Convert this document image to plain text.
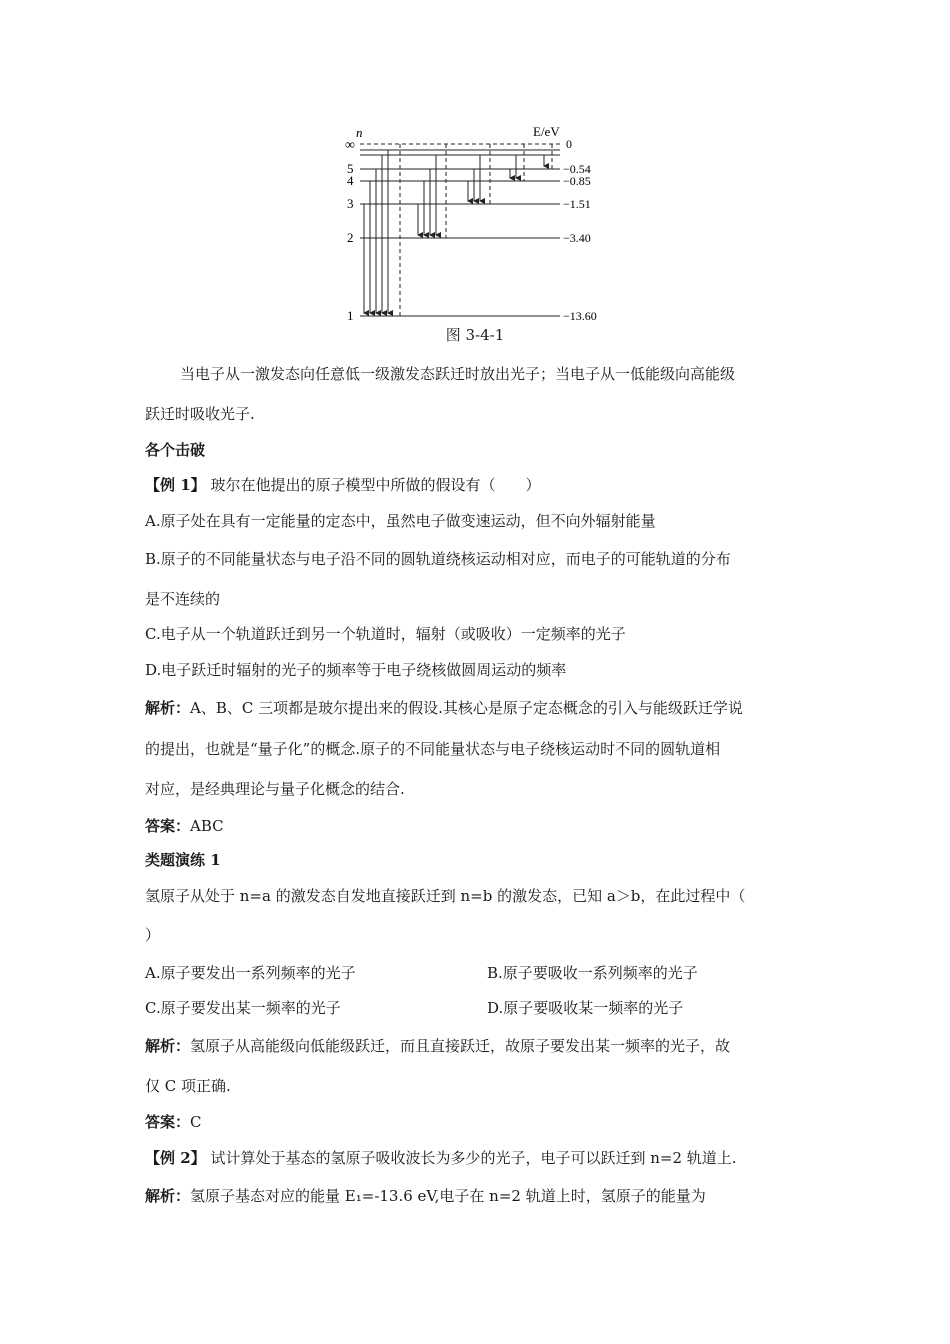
n	E/eV
∞
5
4
3
2
1
0
−0.54
−0.85
−1.51
−3.40
−13.60
图 3-4-1
当电子从一激发态向任意低一级激发态跃迁时放出光子；当电子从一低能级向高能级
跃迁时吸收光子.
各个击破
【例 1】 玻尔在他提出的原子模型中所做的假设有（　　）
A.原子处在具有一定能量的定态中，虽然电子做变速运动，但不向外辐射能量
B.原子的不同能量状态与电子沿不同的圆轨道绕核运动相对应，而电子的可能轨道的分布
是不连续的
C.电子从一个轨道跃迁到另一个轨道时，辐射（或吸收）一定频率的光子
D.电子跃迁时辐射的光子的频率等于电子绕核做圆周运动的频率
解析：A、B、C 三项都是玻尔提出来的假设.其核心是原子定态概念的引入与能级跃迁学说
的提出，也就是“量子化”的概念.原子的不同能量状态与电子绕核运动时不同的圆轨道相
对应，是经典理论与量子化概念的结合.
答案：ABC
类题演练 1
氢原子从处于 n=a 的激发态自发地直接跃迁到 n=b 的激发态，已知 a＞b，在此过程中（
）
A.原子要发出一系列频率的光子	B.原子要吸收一系列频率的光子
C.原子要发出某一频率的光子	D.原子要吸收某一频率的光子
解析：氢原子从高能级向低能级跃迁，而且直接跃迁，故原子要发出某一频率的光子，故
仅 C 项正确.
答案：C
【例 2】 试计算处于基态的氢原子吸收波长为多少的光子，电子可以跃迁到 n=2 轨道上.
解析：氢原子基态对应的能量 E₁=-13.6 eV,电子在 n=2 轨道上时，氢原子的能量为
